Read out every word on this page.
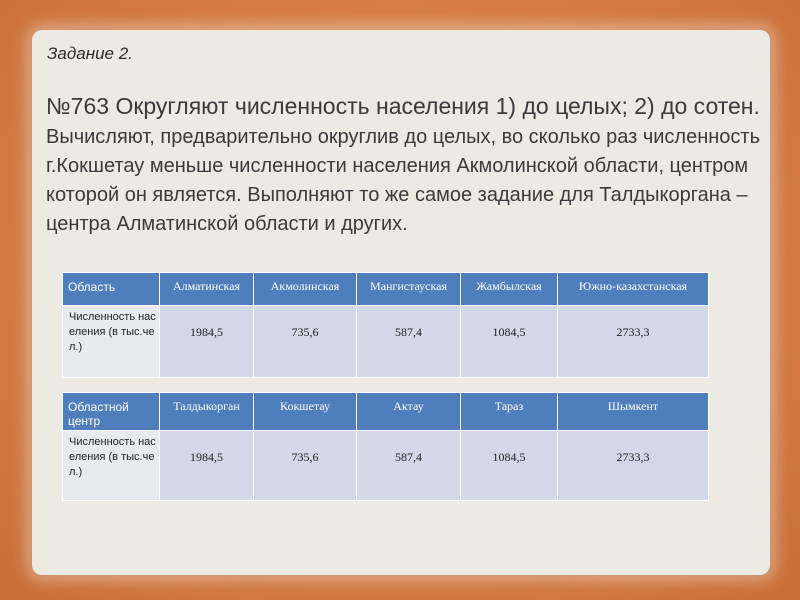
Задание 2.
№763 Округляют численность населения 1) до целых; 2) до сотен. Вычисляют, предварительно округлив до целых, во сколько раз численность г.Кокшетау меньше численности населения Акмолинской области, центром которой он является. Выполняют то же самое задание для Талдыкоргана – центра Алматинской области и других.
Область	Алматинская	Акмолинская	Мангистауская	Жамбылская	Южно-казахстанская
Численность населения (в тыс.чел.)	1984,5	735,6	587,4	1084,5	2733,3
Областной центр	Талдыкорган	Кокшетау	Актау	Тараз	Шымкент
Численность населения (в тыс.чел.)	1984,5	735,6	587,4	1084,5	2733,3
